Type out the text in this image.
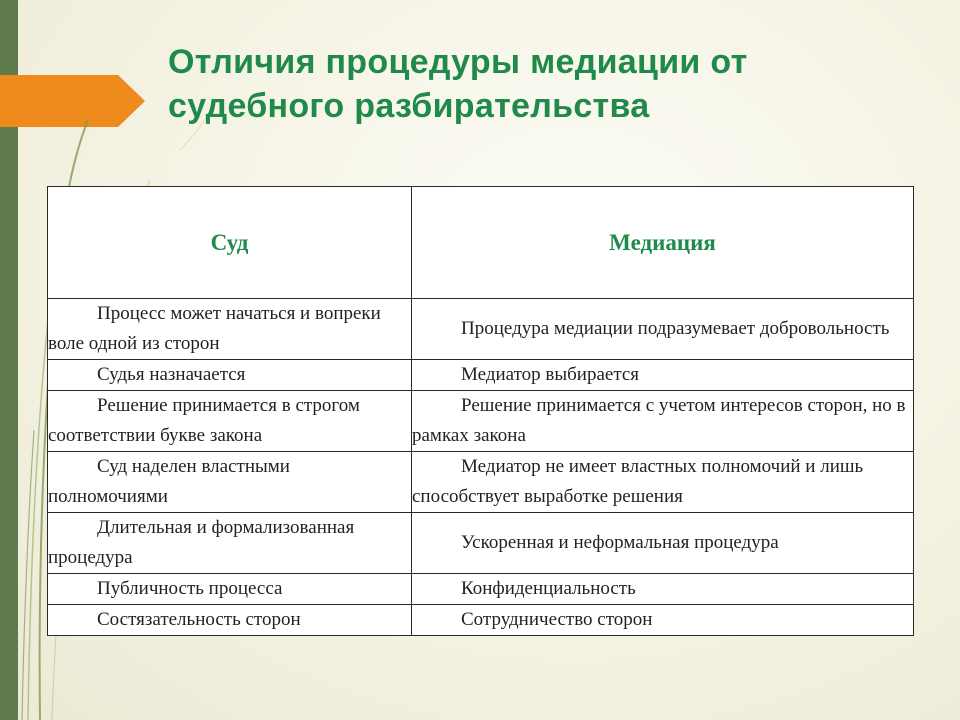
Отличия процедуры медиации от
судебного разбирательства
Суд	Медиация
Процесс может начаться и вопреки воле одной из сторон	Процедура медиации подразумевает добровольность
Судья назначается	Медиатор выбирается
Решение принимается в строгом соответствии букве закона	Решение принимается с учетом интересов сторон, но в рамках закона
Суд наделен властными полномочиями	Медиатор не имеет властных полномочий и лишь способствует выработке решения
Длительная и формализованная процедура	Ускоренная и неформальная процедура
Публичность процесса	Конфиденциальность
Состязательность сторон	Сотрудничество сторон
